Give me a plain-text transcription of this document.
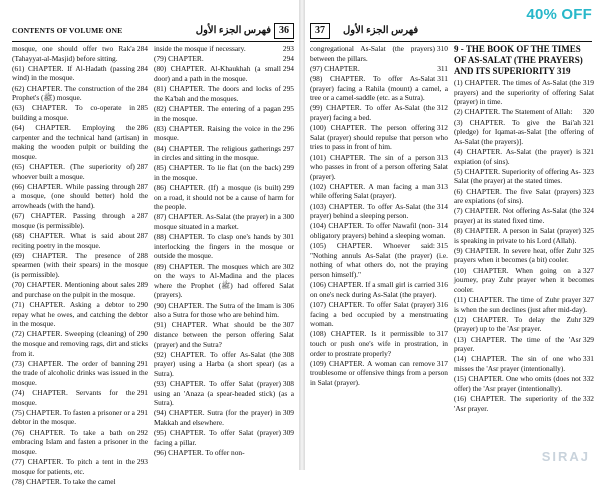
CONTENTS OF VOLUME ONE	فهرس الجزء الأول 36
284
mosque, one should offer two Rak'a (Tahayyat-al-Masjid) before sitting.
284
(61) CHAPTER. If Al-Hadath (passing wind) in the mosque.
284
(62) CHAPTER. The construction of the Prophet's (ﷺ) mosque.
285
(63) CHAPTER. To co-operate in building a mosque.
286
(64) CHAPTER. Employing the carpenter and the technical hand (artisan) in making the wooden pulpit or building the mosque.
287
(65) CHAPTER. (The superiority of) whoever built a mosque.
287
(66) CHAPTER. While passing through a mosque, (one should better) hold the arrowheads (with the hand).
287
(67) CHAPTER. Passing through a mosque (is permissible).
287
(68) CHAPTER. What is said about reciting poetry in the mosque.
288
(69) CHAPTER. The presence of spearmen (with their spears) in the mosque (is permissible).
289
(70) CHAPTER. Mentioning about sales and purchase on the pulpit in the mosque.
290
(71) CHAPTER. Asking a debtor to repay what he owes, and catching the debtor in the mosque.
290
(72) CHAPTER. Sweeping (cleaning) of the mosque and removing rags, dirt and sticks from it.
291
(73) CHAPTER. The order of banning the trade of alcoholic drinks was issued in the mosque.
291
(74) CHAPTER. Servants for the mosque.
291
(75) CHAPTER. To fasten a prisoner or a debtor in the mosque.
292
(76) CHAPTER. To take a bath on embracing Islam and fasten a prisoner in the mosque.
293
(77) CHAPTER. To pitch a tent in the mosque for patients, etc.
(78) CHAPTER. To take the camel
293
inside the mosque if necessary.
294
(79) CHAPTER.
294
(80) CHAPTER. Al-Khaukhah (a small door) and a path in the mosque.
295
(81) CHAPTER. The doors and locks of the Ka'bah and the mosques.
295
(82) CHAPTER. The entering of a pagan in the mosque.
296
(83) CHAPTER. Raising the voice in the mosque.
297
(84) CHAPTER. The religious gatherings in circles and sitting in the mosque.
299
(85) CHAPTER. To lie flat (on the back) in the mosque.
299
(86) CHAPTER. (If) a mosque (is built) on a road, it should not be a cause of harm for the people.
300
(87) CHAPTER. As-Salat (the prayer) in a mosque situated in a market.
301
(88) CHAPTER. To clasp one's hands by interlocking the fingers in the mosque or outside the mosque.
302
(89) CHAPTER. The mosques which are on the ways to Al-Madina and the places where the Prophet (ﷺ) had offered Salat (prayers).
306
(90) CHAPTER. The Sutra of the Imam is also a Sutra for those who are behind him.
307
(91) CHAPTER. What should be the distance between the person offering Salat (prayer) and the Sutra?
308
(92) CHAPTER. To offer As-Salat (the prayer) using a Harba (a short spear) (as a Sutra).
308
(93) CHAPTER. To offer Salat (prayer) using an 'Anaza (a spear-headed stick) (as a Sutra).
309
(94) CHAPTER. Sutra (for the prayer) in Makkah and elsewhere.
309
(95) CHAPTER. To offer Salat (prayer) facing a pillar.
(96) CHAPTER. To offer non-
37	فهرس الجزء الأول
310
congregational As-Salat (the prayers) between the pillars.
311
(97) CHAPTER.
311
(98) CHAPTER. To offer As-Salat (prayer) facing a Rahila (mount) a camel, a tree or a camel-saddle (etc. as a Sutra).
312
(99) CHAPTER. To offer As-Salat (the prayer) facing a bed.
312
(100) CHAPTER. The person offering Salat (prayer) should repulse that person who tries to pass in front of him.
313
(101) CHAPTER. The sin of a person who passes in front of a person offering Salat (prayer).
313
(102) CHAPTER. A man facing a man while offering Salat (prayer).
314
(103) CHAPTER. To offer As-Salat (the prayer) behind a sleeping person.
314
(104) CHAPTER. To offer Nawafil (non-obligatory prayers) behind a sleeping woman.
315
(105) CHAPTER. Whoever said: "Nothing annuls As-Salat (the prayer) (i.e. nothing of what others do, not the praying person himself)."
316
(106) CHAPTER. If a small girl is carried on one's neck during As-Salat (the prayer).
316
(107) CHAPTER. To offer Salat (prayer) facing a bed occupied by a menstruating woman.
317
(108) CHAPTER. Is it permissible to touch or push one's wife in prostration, in order to prostrate properly?
317
(109) CHAPTER. A woman can remove troublesome or offensive things from a person in Salat (prayer).
9 - THE BOOK OF THE TIMES OF AS-SALAT (THE PRAYERS) AND ITS SUPERIORITY 319
319
(1) CHAPTER. The times of As-Salat (the prayers) and the superiority of offering Salat (prayer) in time.
320
(2) CHAPTER. The Statement of Allah:
321
(3) CHAPTER. To give the Bai'ah (pledge) for Iqamat-as-Salat [the offering of As-Salat (the prayers)].
321
(4) CHAPTER. As-Salat (the prayer) is expiation (of sins).
323
(5) CHAPTER. Superiority of offering As-Salat (the prayer) at the stated times.
323
(6) CHAPTER. The five Salat (prayers) are expiations (of sins).
324
(7) CHAPTER. Not offering As-Salat (the prayer) at its stated fixed time.
325
(8) CHAPTER. A person in Salat (prayer) is speaking in private to his Lord (Allah).
325
(9) CHAPTER. In severe heat, offer Zuhr prayers when it becomes (a bit) cooler.
327
(10) CHAPTER. When going on a journey, pray Zuhr prayer when it becomes cooler.
327
(11) CHAPTER. The time of Zuhr prayer is when the sun declines (just after mid-day).
329
(12) CHAPTER. To delay the Zuhr (prayer) up to the 'Asr prayer.
329
(13) CHAPTER. The time of the 'Asr prayer.
331
(14) CHAPTER. The sin of one who misses the 'Asr prayer (intentionally).
332
(15) CHAPTER. One who omits (does not offer) the 'Asr prayer (intentionally).
332
(16) CHAPTER. The superiority of the 'Asr prayer.
40% OFF
SIRAJ
